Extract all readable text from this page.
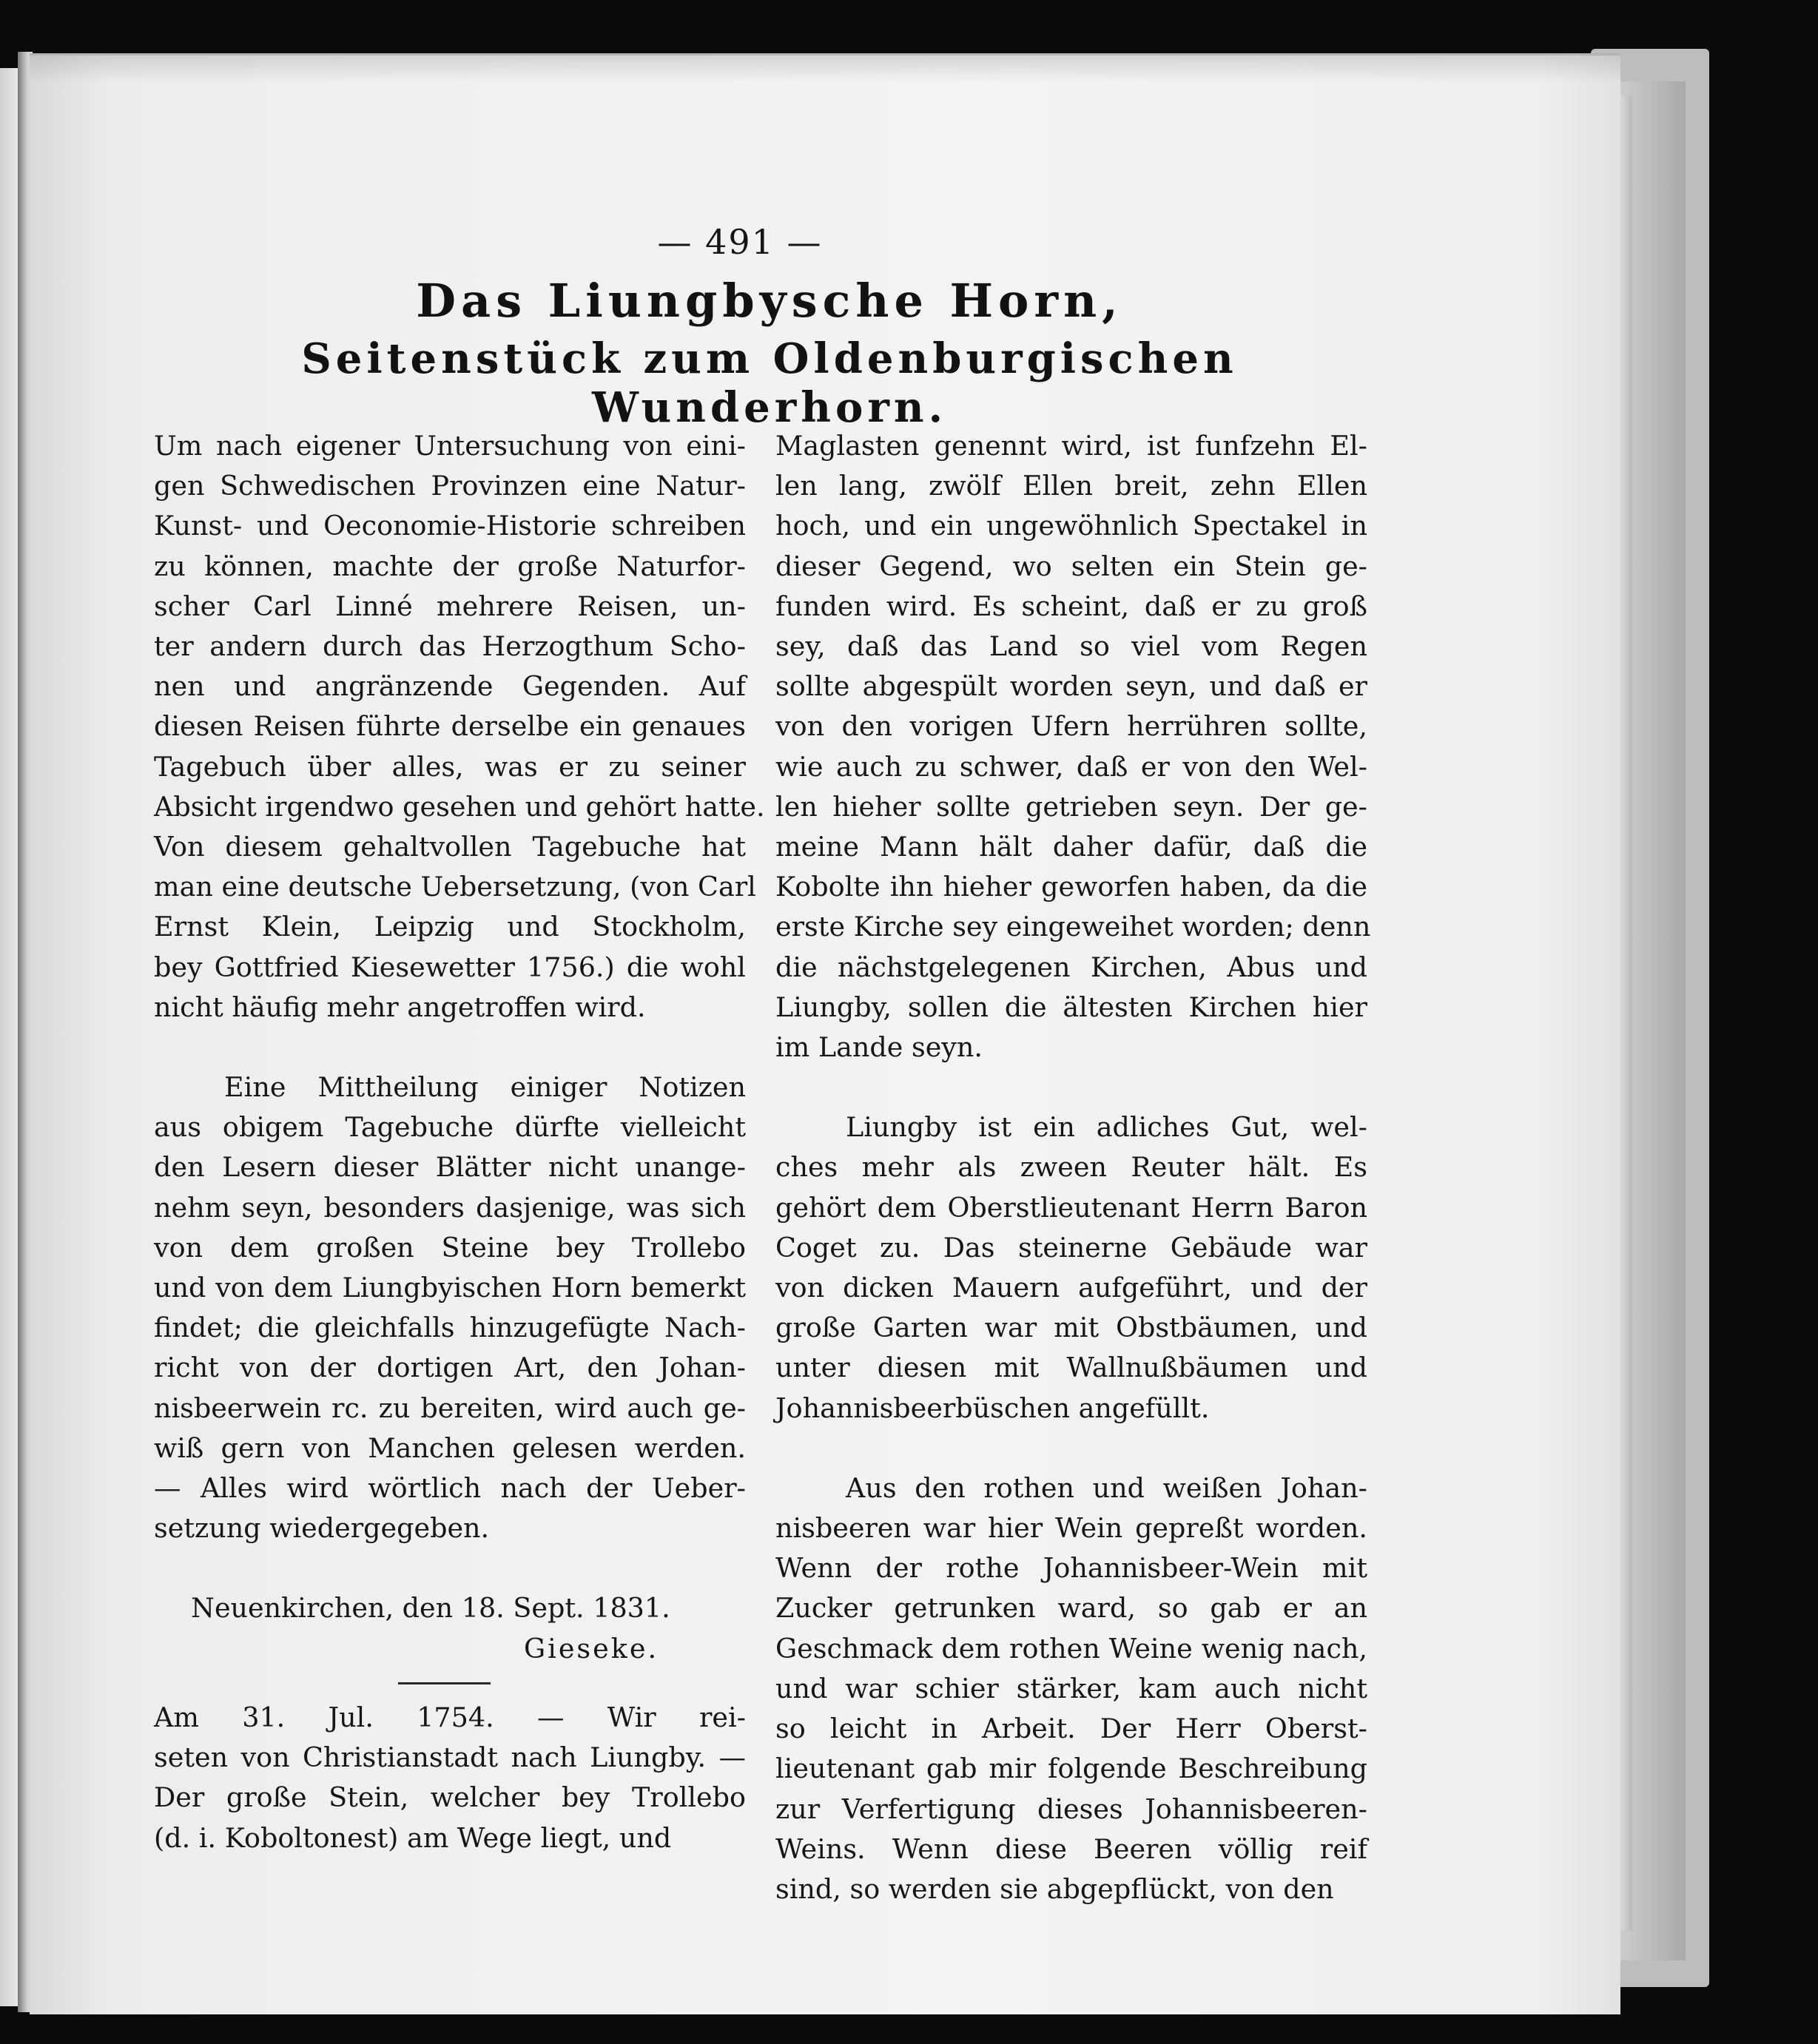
— 491 —
Das Liungbysche Horn,
Seitenstück zum Oldenburgischen Wunderhorn.
Um nach eigener Untersuchung von eini-
gen Schwedischen Provinzen eine Natur-
Kunst- und Oeconomie-Historie schreiben
zu können, machte der große Naturfor-
scher Carl Linné mehrere Reisen, un-
ter andern durch das Herzogthum Scho-
nen und angränzende Gegenden. Auf
diesen Reisen führte derselbe ein genaues
Tagebuch über alles, was er zu seiner
Absicht irgendwo gesehen und gehört hatte.
Von diesem gehaltvollen Tagebuche hat
man eine deutsche Uebersetzung, (von Carl
Ernst Klein, Leipzig und Stockholm,
bey Gottfried Kiesewetter 1756.) die wohl
nicht häufig mehr angetroffen wird.
Eine Mittheilung einiger Notizen
aus obigem Tagebuche dürfte vielleicht
den Lesern dieser Blätter nicht unange-
nehm seyn, besonders dasjenige, was sich
von dem großen Steine bey Trollebo
und von dem Liungbyischen Horn bemerkt
findet; die gleichfalls hinzugefügte Nach-
richt von der dortigen Art, den Johan-
nisbeerwein rc. zu bereiten, wird auch ge-
wiß gern von Manchen gelesen werden.
— Alles wird wörtlich nach der Ueber-
setzung wiedergegeben.
Neuenkirchen, den 18. Sept. 1831.
Gieseke.
Am 31. Jul. 1754. — Wir rei-
seten von Christianstadt nach Liungby. —
Der große Stein, welcher bey Trollebo
(d. i. Koboltonest) am Wege liegt, und
Maglasten genennt wird, ist funfzehn El-
len lang, zwölf Ellen breit, zehn Ellen
hoch, und ein ungewöhnlich Spectakel in
dieser Gegend, wo selten ein Stein ge-
funden wird. Es scheint, daß er zu groß
sey, daß das Land so viel vom Regen
sollte abgespült worden seyn, und daß er
von den vorigen Ufern herrühren sollte,
wie auch zu schwer, daß er von den Wel-
len hieher sollte getrieben seyn. Der ge-
meine Mann hält daher dafür, daß die
Kobolte ihn hieher geworfen haben, da die
erste Kirche sey eingeweihet worden; denn
die nächstgelegenen Kirchen, Abus und
Liungby, sollen die ältesten Kirchen hier
im Lande seyn.
Liungby ist ein adliches Gut, wel-
ches mehr als zween Reuter hält. Es
gehört dem Oberstlieutenant Herrn Baron
Coget zu. Das steinerne Gebäude war
von dicken Mauern aufgeführt, und der
große Garten war mit Obstbäumen, und
unter diesen mit Wallnußbäumen und
Johannisbeerbüschen angefüllt.
Aus den rothen und weißen Johan-
nisbeeren war hier Wein gepreßt worden.
Wenn der rothe Johannisbeer-Wein mit
Zucker getrunken ward, so gab er an
Geschmack dem rothen Weine wenig nach,
und war schier stärker, kam auch nicht
so leicht in Arbeit. Der Herr Oberst-
lieutenant gab mir folgende Beschreibung
zur Verfertigung dieses Johannisbeeren-
Weins. Wenn diese Beeren völlig reif
sind, so werden sie abgepflückt, von den
